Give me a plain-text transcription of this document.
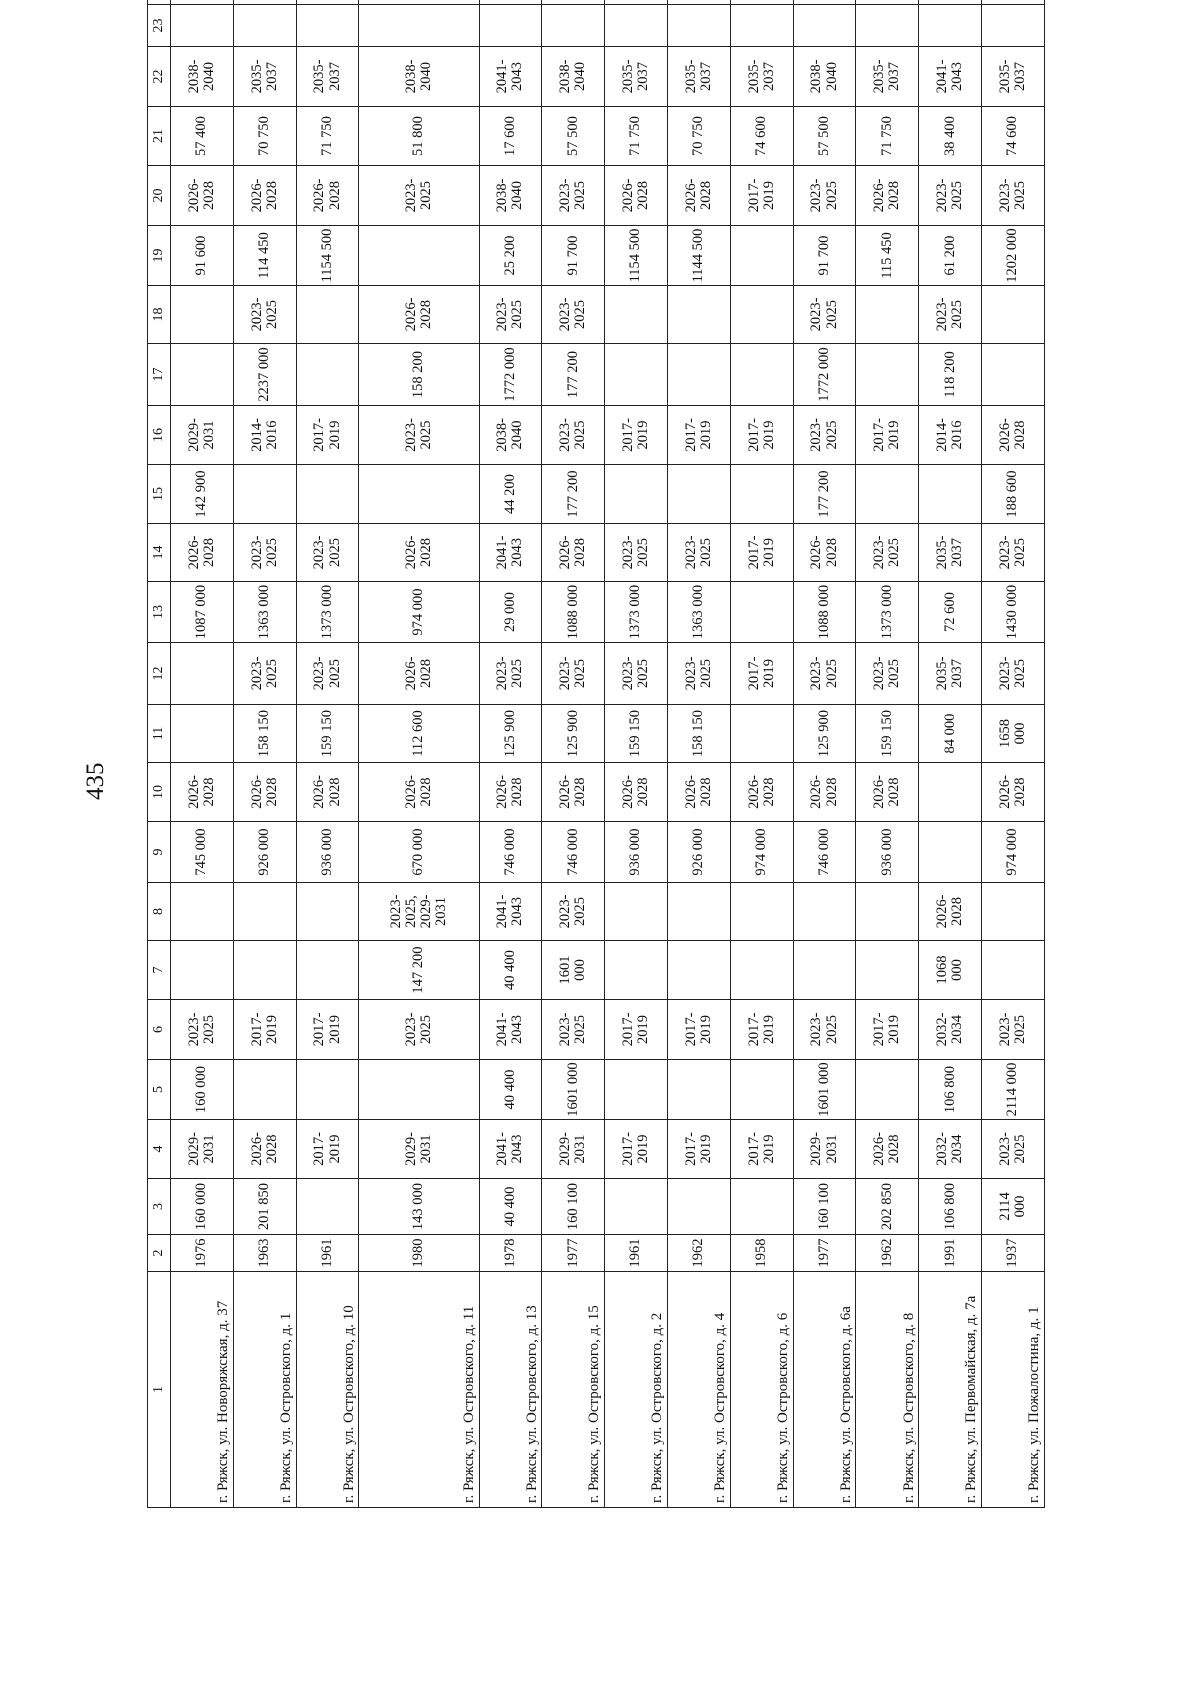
435
1	2	3	4	5	6	7	8	9	10	11	12	13	14	15	16	17	18	19	20	21	22	23	
г. Ряжск, ул. Новоряжская, д. 37	1976	160 000	2029-2031	160 000	2023-2025			745 000	2026-2028			1087 000	2026-2028	142 900	2029-2031			91 600	2026-2028	57 400	2038-2040		
г. Ряжск, ул. Островского, д. 1	1963	201 850	2026-2028		2017-2019			926 000	2026-2028	158 150	2023-2025	1363 000	2023-2025		2014-2016	2237 000	2023-2025	114 450	2026-2028	70 750	2035-2037		
г. Ряжск, ул. Островского, д. 10	1961		2017-2019		2017-2019			936 000	2026-2028	159 150	2023-2025	1373 000	2023-2025		2017-2019			1154 500	2026-2028	71 750	2035-2037		
г. Ряжск, ул. Островского, д. 11	1980	143 000	2029-2031		2023-2025	147 200	2023-2025, 2029-2031	670 000	2026-2028	112 600	2026-2028	974 000	2026-2028		2023-2025	158 200	2026-2028		2023-2025	51 800	2038-2040		
г. Ряжск, ул. Островского, д. 13	1978	40 400	2041-2043	40 400	2041-2043	40 400	2041-2043	746 000	2026-2028	125 900	2023-2025	29 000	2041-2043	44 200	2038-2040	1772 000	2023-2025	25 200	2038-2040	17 600	2041-2043		
г. Ряжск, ул. Островского, д. 15	1977	160 100	2029-2031	1601 000	2023-2025	1601 000	2023-2025	746 000	2026-2028	125 900	2023-2025	1088 000	2026-2028	177 200	2023-2025	177 200	2023-2025	91 700	2023-2025	57 500	2038-2040		
г. Ряжск, ул. Островского, д. 2	1961		2017-2019		2017-2019			936 000	2026-2028	159 150	2023-2025	1373 000	2023-2025		2017-2019			1154 500	2026-2028	71 750	2035-2037		
г. Ряжск, ул. Островского, д. 4	1962		2017-2019		2017-2019			926 000	2026-2028	158 150	2023-2025	1363 000	2023-2025		2017-2019			1144 500	2026-2028	70 750	2035-2037		
г. Ряжск, ул. Островского, д. 6	1958		2017-2019		2017-2019			974 000	2026-2028		2017-2019		2017-2019		2017-2019				2017-2019	74 600	2035-2037		
г. Ряжск, ул. Островского, д. 6а	1977	160 100	2029-2031	1601 000	2023-2025			746 000	2026-2028	125 900	2023-2025	1088 000	2026-2028	177 200	2023-2025	1772 000	2023-2025	91 700	2023-2025	57 500	2038-2040		
г. Ряжск, ул. Островского, д. 8	1962	202 850	2026-2028		2017-2019			936 000	2026-2028	159 150	2023-2025	1373 000	2023-2025		2017-2019			115 450	2026-2028	71 750	2035-2037		
г. Ряжск, ул. Первомайская, д. 7а	1991	106 800	2032-2034	106 800	2032-2034	1068 000	2026-2028			84 000	2035-2037	72 600	2035-2037		2014-2016	118 200	2023-2025	61 200	2023-2025	38 400	2041-2043		
г. Ряжск, ул. Пожалостина, д. 1	1937	2114 000	2023-2025	2114 000	2023-2025			974 000	2026-2028	1658 000	2023-2025	1430 000	2023-2025	188 600	2026-2028			1202 000	2023-2025	74 600	2035-2037		
